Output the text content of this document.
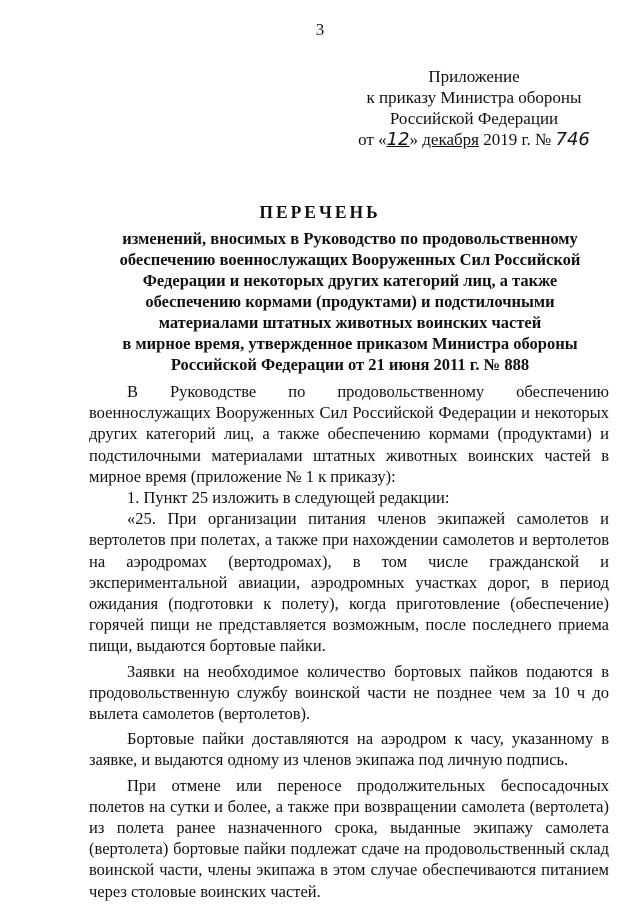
3
Приложение
к приказу Министра обороны
Российской Федерации
от «12» декабря 2019 г. № 746
ПЕРЕЧЕНЬ
изменений, вносимых в Руководство по продовольственному
обеспечению военнослужащих Вооруженных Сил Российской
Федерации и некоторых других категорий лиц, а также
обеспечению кормами (продуктами) и подстилочными
материалами штатных животных воинских частей
в мирное время, утвержденное приказом Министра обороны
Российской Федерации от 21 июня 2011 г. № 888

В Руководстве по продовольственному обеспечению военнослужащих Вооруженных Сил Российской Федерации и некоторых других категорий лиц, а также обеспечению кормами (продуктами) и подстилочными материалами штатных животных воинских частей в мирное время (приложение № 1 к приказу):

1. Пункт 25 изложить в следующей редакции:

«25. При организации питания членов экипажей самолетов и вертолетов при полетах, а также при нахождении самолетов и вертолетов на аэродромах (вертодромах), в том числе гражданской и экспериментальной авиации, аэродромных участках дорог, в период ожидания (подготовки к полету), когда приготовление (обеспечение) горячей пищи не представляется возможным, после последнего приема пищи, выдаются бортовые пайки.

Заявки на необходимое количество бортовых пайков подаются в продовольственную службу воинской части не позднее чем за 10 ч до вылета самолетов (вертолетов).

Бортовые пайки доставляются на аэродром к часу, указанному в заявке, и выдаются одному из членов экипажа под личную подпись.

При отмене или переносе продолжительных беспосадочных полетов на сутки и более, а также при возвращении самолета (вертолета) из полета ранее назначенного срока, выданные экипажу самолета (вертолета) бортовые пайки подлежат сдаче на продовольственный склад воинской части, члены экипажа в этом случае обеспечиваются питанием через столовые воинских частей.
